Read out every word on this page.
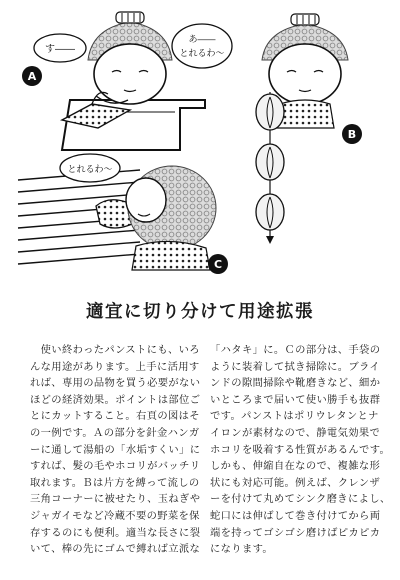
す――
あ――
とれるわ〜
A
B
とれるわ〜
C
適宜に切り分けて用途拡張
　使い終わったパンストにも、いろ
んな用途があります。上手に活用す
れば、専用の品物を買う必要がない
ほどの経済効果。ポイントは部位ご
とにカットすること。右頁の図はそ
の一例です。Ａの部分を針金ハンガ
ーに通して湯船の「水垢すくい」に
すれば、髪の毛やホコリがバッチリ
取れます。Ｂは片方を縛って流しの
三角コーナーに被せたり、玉ねぎや
ジャガイモなど冷蔵不要の野菜を保
存するのにも便利。適当な長さに裂
いて、棒の先にゴムで縛れば立派な
「ハタキ」に。Ｃの部分は、手袋の
ように装着して拭き掃除に。ブライ
ンドの隙間掃除や靴磨きなど、細か
いところまで届いて使い勝手も抜群
です。パンストはポリウレタンとナ
イロンが素材なので、静電気効果で
ホコリを吸着する性質があるんです。
しかも、伸縮自在なので、複雑な形
状にも対応可能。例えば、クレンザ
ーを付けて丸めてシンク磨きによし、
蛇口には伸ばして巻き付けてから両
端を持ってゴシゴシ磨けばピカピカ
になります。
